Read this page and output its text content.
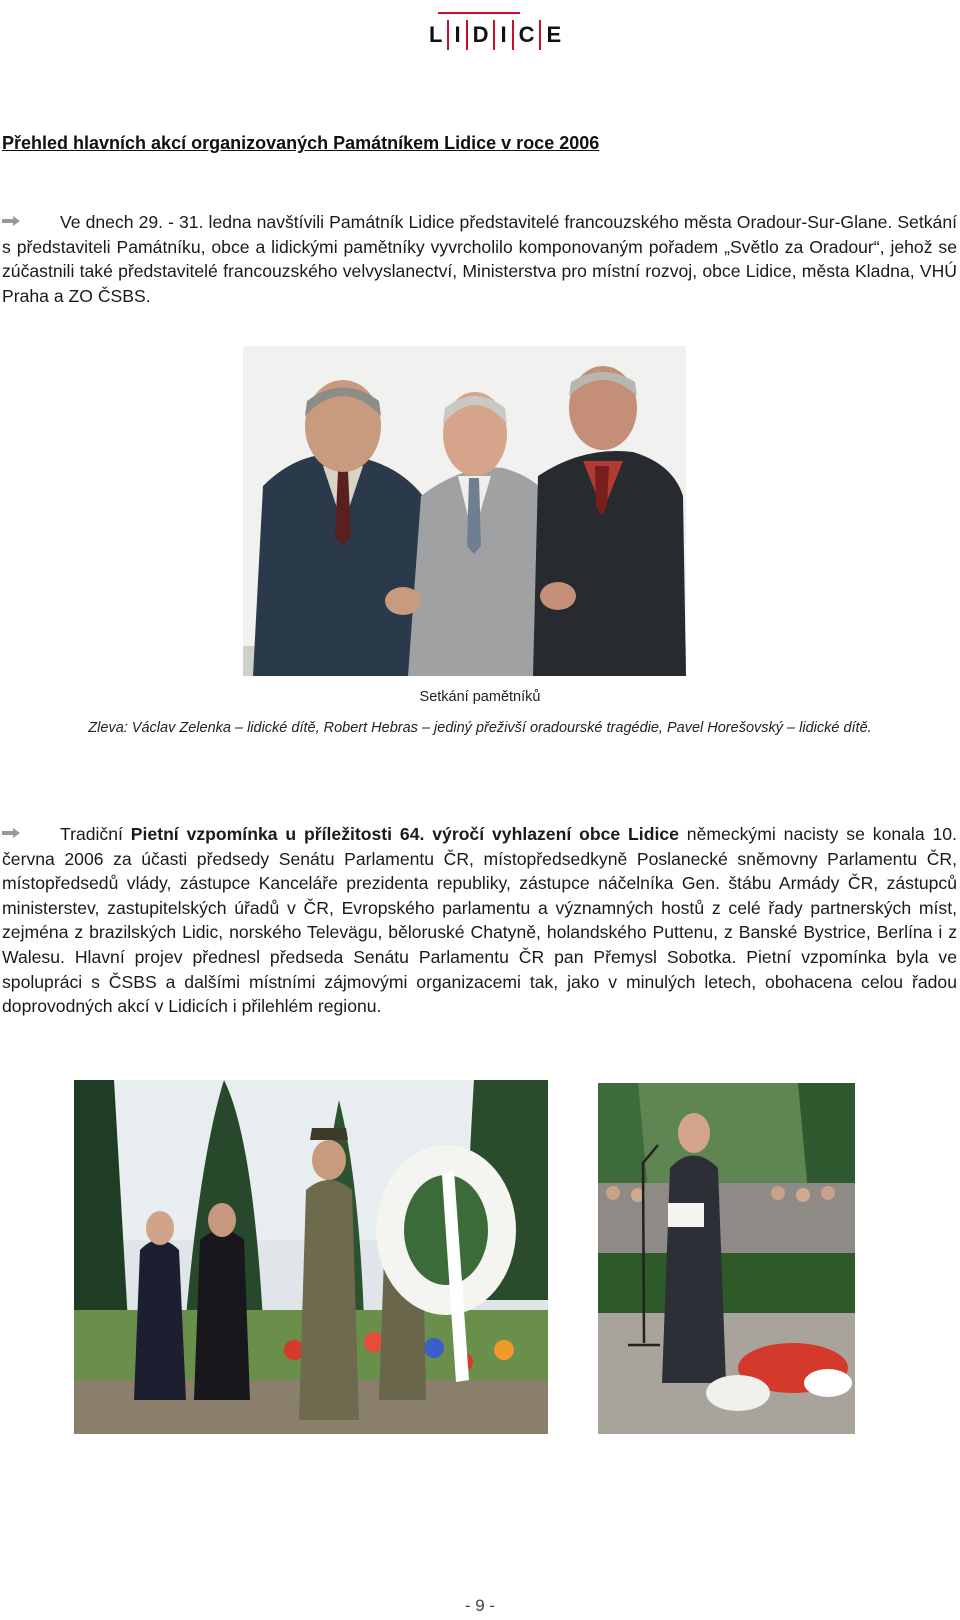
L I D I C E
Přehled hlavních akcí organizovaných Památníkem Lidice v roce 2006
Ve dnech 29. - 31. ledna navštívili Památník Lidice představitelé francouzského města Oradour-Sur-Glane. Setkání s představiteli Památníku, obce a lidickými pamětníky vyvrcholilo komponovaným pořadem „Světlo za Oradour“, jehož se zúčastnili také představitelé francouzského velvyslanectví, Ministerstva pro místní rozvoj, obce Lidice, města Kladna, VHÚ Praha a ZO ČSBS.
Setkání pamětníků
Zleva: Václav Zelenka – lidické dítě, Robert Hebras – jediný přeživší oradourské tragédie, Pavel Horešovský – lidické dítě.
Tradiční Pietní vzpomínka u příležitosti 64. výročí vyhlazení obce Lidice německými nacisty se konala 10. června 2006 za účasti předsedy Senátu Parlamentu ČR, místopředsedkyně Poslanecké sněmovny Parlamentu ČR, místopředsedů vlády, zástupce Kanceláře prezidenta republiky, zástupce náčelníka Gen. štábu Armády ČR, zástupců ministerstev, zastupitelských úřadů v ČR, Evropského parlamentu a významných hostů z celé řady partnerských míst, zejména z brazilských Lidic, norského Televägu, běloruské Chatyně, holandského Puttenu, z Banské Bystrice, Berlína i z Walesu. Hlavní projev přednesl předseda Senátu Parlamentu ČR pan Přemysl Sobotka. Pietní vzpomínka byla ve spolupráci s ČSBS a dalšími místními zájmovými organizacemi tak, jako v minulých letech, obohacena celou řadou doprovodných akcí v Lidicích i přilehlém regionu.
- 9 -
